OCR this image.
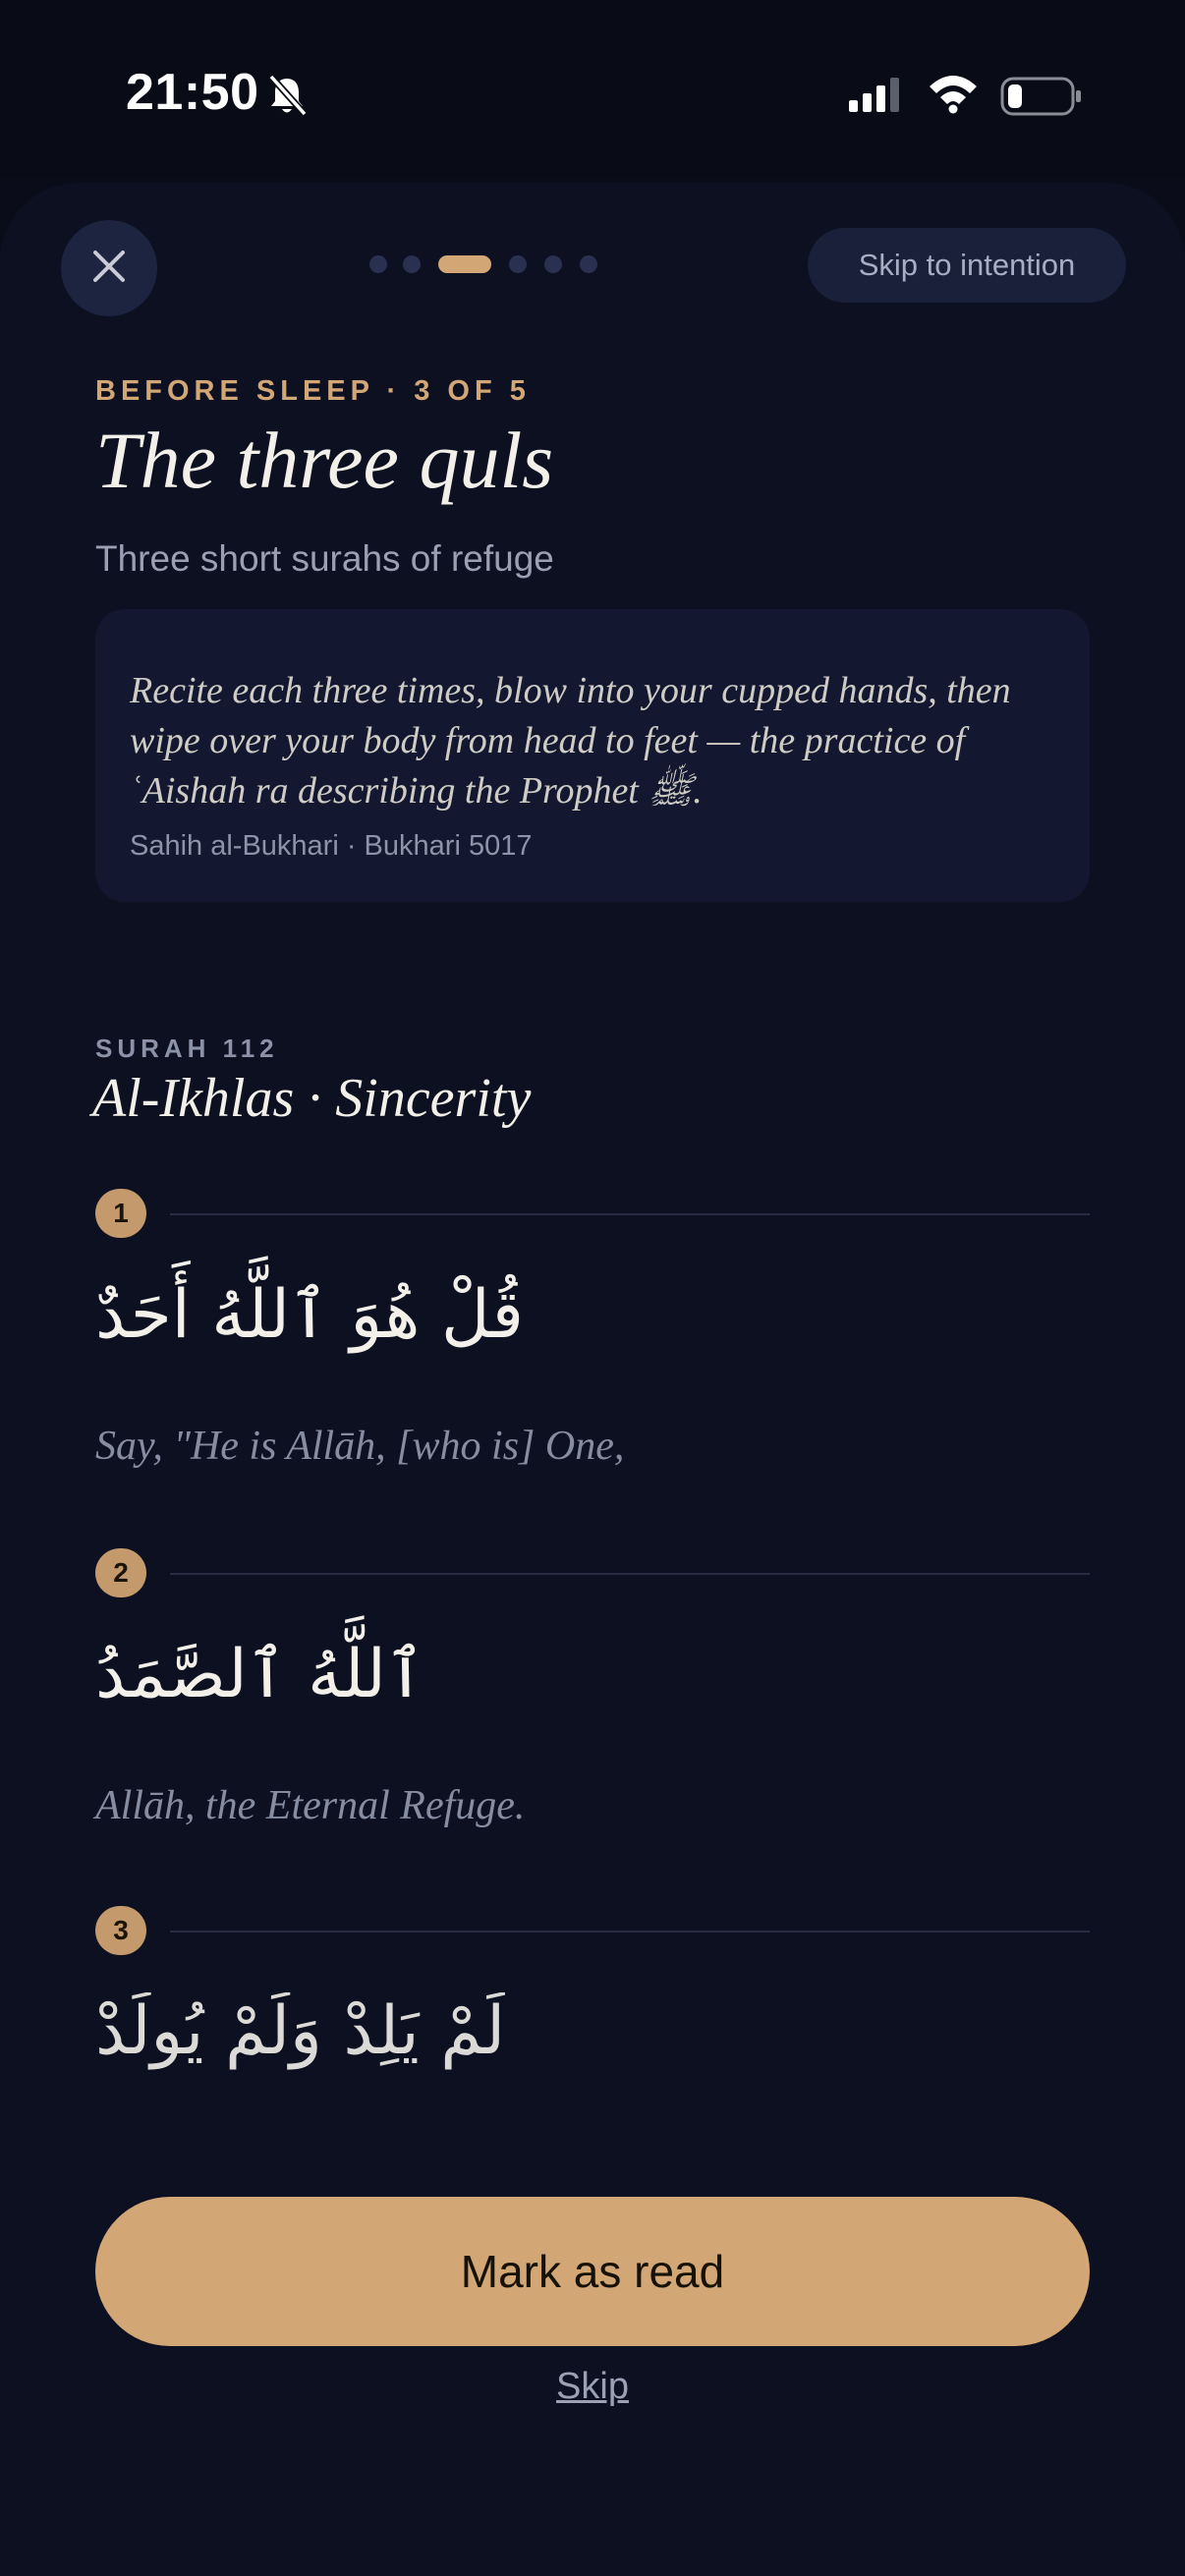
21:50
Skip to intention
BEFORE SLEEP · 3 OF 5
The three quls
Three short surahs of refuge
Recite each three times, blow into your cupped hands, then wipe over your body from head to feet — the practice of ʿAishah ra describing the Prophet ﷺ.
Sahih al-Bukhari · Bukhari 5017
SURAH 112
Al-Ikhlas · Sincerity
1
قُلْ هُوَ ٱللَّهُ أَحَدٌ
Say, "He is Allāh, [who is] One,
2
ٱللَّهُ ٱلصَّمَدُ
Allāh, the Eternal Refuge.
3
لَمْ يَلِدْ وَلَمْ يُولَدْ
Mark as read
Skip
